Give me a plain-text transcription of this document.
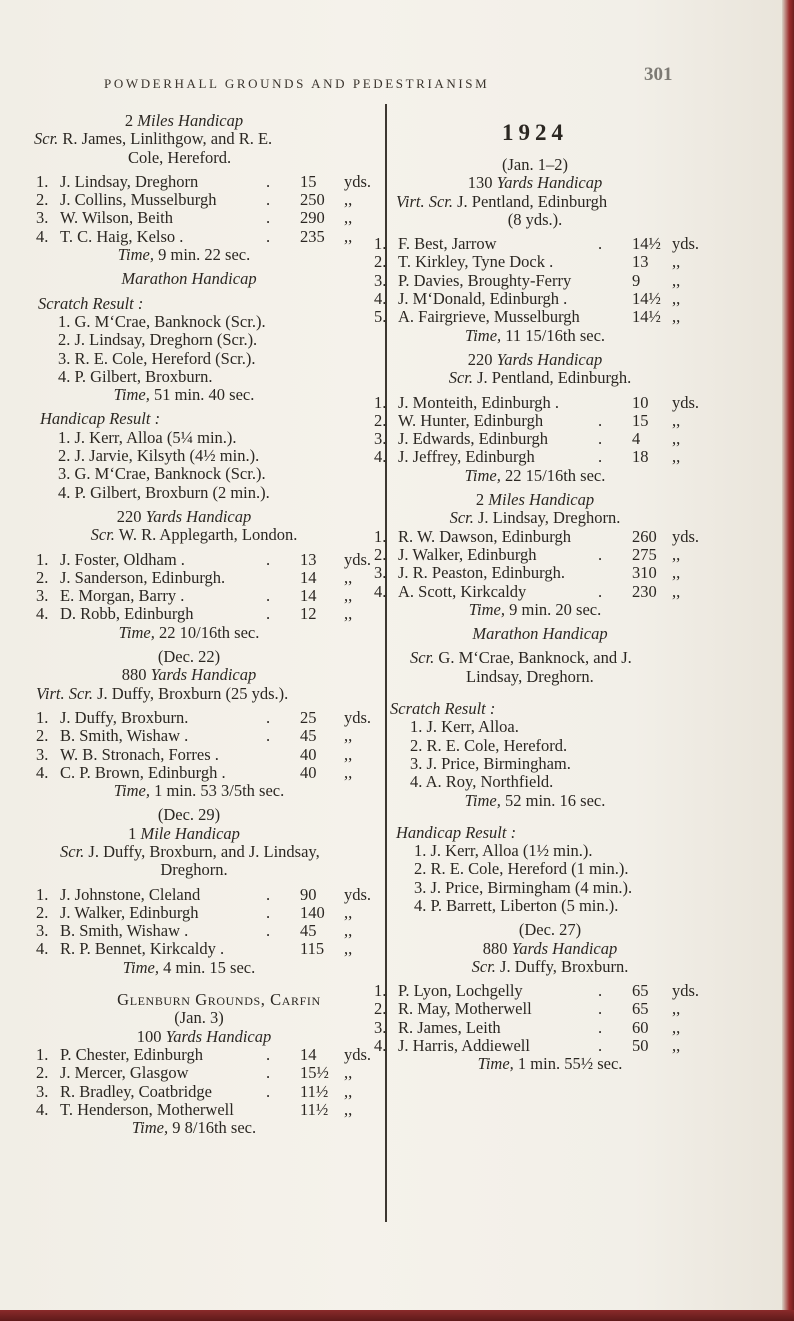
POWDERHALL GROUNDS AND PEDESTRIANISM	301
2 Miles Handicap
Scr. R. James, Linlithgow, and R. E.
Cole, Hereford.
1. J. Lindsay, Dreghorn	. 15 yds.
2. J. Collins, Musselburgh	. 250 ,,
3. W. Wilson, Beith	. 290 ,,
4. T. C. Haig, Kelso .	. 235 ,,
Time, 9 min. 22 sec.
Marathon Handicap
Scratch Result :
1. G. M‘Crae, Banknock (Scr.).
2. J. Lindsay, Dreghorn (Scr.).
3. R. E. Cole, Hereford (Scr.).
4. P. Gilbert, Broxburn.
Time, 51 min. 40 sec.
Handicap Result :
1. J. Kerr, Alloa (5¼ min.).
2. J. Jarvie, Kilsyth (4½ min.).
3. G. M‘Crae, Banknock (Scr.).
4. P. Gilbert, Broxburn (2 min.).
220 Yards Handicap
Scr. W. R. Applegarth, London.
1. J. Foster, Oldham .	. 13 yds.
2. J. Sanderson, Edinburgh.	14 ,,
3. E. Morgan, Barry .	. 14 ,,
4. D. Robb, Edinburgh	. 12 ,,
Time, 22 10/16th sec.
(Dec. 22)
880 Yards Handicap
Virt. Scr. J. Duffy, Broxburn (25 yds.).
1. J. Duffy, Broxburn.	. 25 yds.
2. B. Smith, Wishaw .	. 45 ,,
3. W. B. Stronach, Forres .	40 ,,
4. C. P. Brown, Edinburgh .	40 ,,
Time, 1 min. 53 3/5th sec.
(Dec. 29)
1 Mile Handicap
Scr. J. Duffy, Broxburn, and J. Lindsay,
Dreghorn.
1. J. Johnstone, Cleland	. 90 yds.
2. J. Walker, Edinburgh	. 140 ,,
3. B. Smith, Wishaw .	. 45 ,,
4. R. P. Bennet, Kirkcaldy .	115 ,,
Time, 4 min. 15 sec.
Glenburn Grounds, Carfin
(Jan. 3)
100 Yards Handicap
1. P. Chester, Edinburgh	. 14 yds.
2. J. Mercer, Glasgow	. 15½ ,,
3. R. Bradley, Coatbridge	. 11½ ,,
4. T. Henderson, Motherwell	11½ ,,
Time, 9 8/16th sec.
1924
(Jan. 1–2)
130 Yards Handicap
Virt. Scr. J. Pentland, Edinburgh
(8 yds.).
1. F. Best, Jarrow	. 14½ yds.
2. T. Kirkley, Tyne Dock .	13 ,,
3. P. Davies, Broughty-Ferry	9 ,,
4. J. M‘Donald, Edinburgh .	14½ ,,
5. A. Fairgrieve, Musselburgh	14½ ,,
Time, 11 15/16th sec.
220 Yards Handicap
Scr. J. Pentland, Edinburgh.
1. J. Monteith, Edinburgh .	10 yds.
2. W. Hunter, Edinburgh	. 15 ,,
3. J. Edwards, Edinburgh	. 4 ,,
4. J. Jeffrey, Edinburgh	. 18 ,,
Time, 22 15/16th sec.
2 Miles Handicap
Scr. J. Lindsay, Dreghorn.
1. R. W. Dawson, Edinburgh	260 yds.
2. J. Walker, Edinburgh	. 275 ,,
3. J. R. Peaston, Edinburgh.	310 ,,
4. A. Scott, Kirkcaldy	. 230 ,,
Time, 9 min. 20 sec.
Marathon Handicap
Scr. G. M‘Crae, Banknock, and J.
Lindsay, Dreghorn.
Scratch Result :
1. J. Kerr, Alloa.
2. R. E. Cole, Hereford.
3. J. Price, Birmingham.
4. A. Roy, Northfield.
Time, 52 min. 16 sec.
Handicap Result :
1. J. Kerr, Alloa (1½ min.).
2. R. E. Cole, Hereford (1 min.).
3. J. Price, Birmingham (4 min.).
4. P. Barrett, Liberton (5 min.).
(Dec. 27)
880 Yards Handicap
Scr. J. Duffy, Broxburn.
1. P. Lyon, Lochgelly	. 65 yds.
2. R. May, Motherwell	. 65 ,,
3. R. James, Leith	. 60 ,,
4. J. Harris, Addiewell	. 50 ,,
Time, 1 min. 55½ sec.
